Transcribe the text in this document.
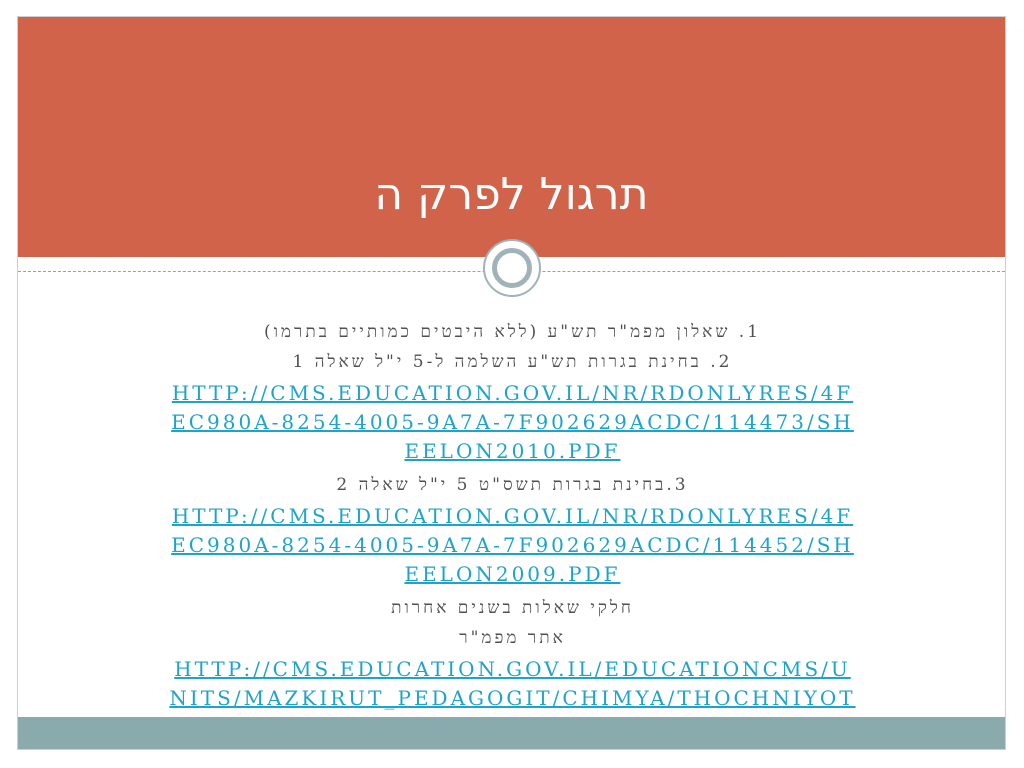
תרגול לפרק ה

1. שאלון מפמ"ר תש"ע (ללא היבטים כמותיים בתרמו)

2. בחינת בגרות תש"ע השלמה ל-5 י"ל שאלה 1

HTTP://CMS.EDUCATION.GOV.IL/NR/RDONLYRES/4FEC980A-8254-4005-9A7A-7F902629ACDC/114473/SHEELON2010.PDF

3.בחינת בגרות תשס"ט 5 י"ל שאלה 2

HTTP://CMS.EDUCATION.GOV.IL/NR/RDONLYRES/4FEC980A-8254-4005-9A7A-7F902629ACDC/114452/SHEELON2009.PDF

חלקי שאלות בשנים אחרות

אתר מפמ"ר

HTTP://CMS.EDUCATION.GOV.IL/EDUCATIONCMS/UNITS/MAZKIRUT_PEDAGOGIT/CHIMYA/THOCHNIYOT
